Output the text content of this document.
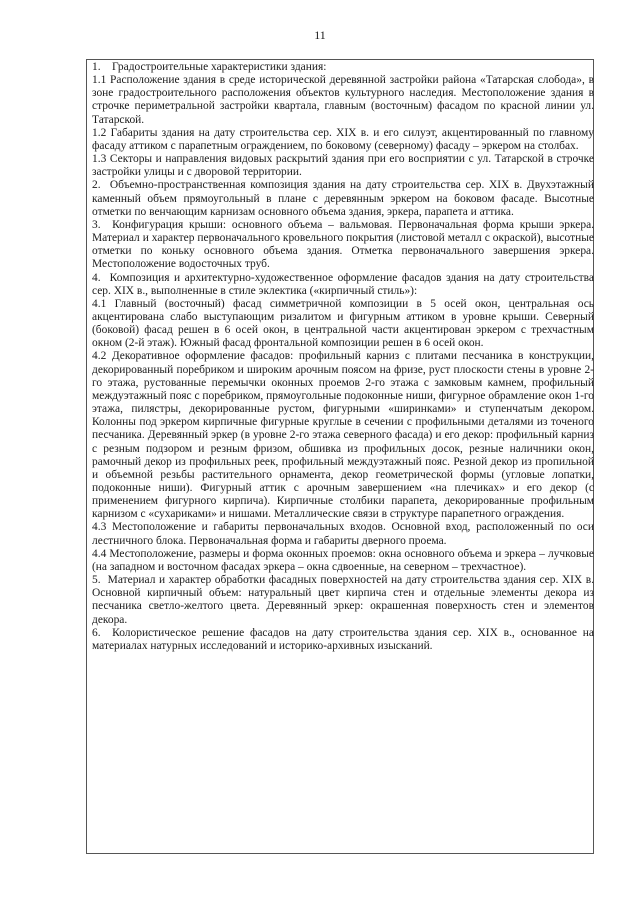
11

1.    Градостроительные характеристики здания:

1.1 Расположение здания в среде исторической деревянной застройки района «Татарская слобода», в зоне градостроительного расположения объектов культурного наследия. Местоположение здания в строчке периметральной застройки квартала, главным (восточным) фасадом по красной линии ул. Татарской.

1.2 Габариты здания на дату строительства сер. XIX в. и его силуэт, акцентированный по главному фасаду аттиком с парапетным ограждением, по боковому (северному) фасаду – эркером на столбах.

1.3 Секторы и направления видовых раскрытий здания при его восприятии с ул. Татарской в строчке застройки улицы и с дворовой территории.

2.  Объемно-пространственная композиция здания на дату строительства сер. XIX в. Двухэтажный каменный объем прямоугольный в плане с деревянным эркером на боковом фасаде. Высотные отметки по венчающим карнизам основного объема здания, эркера, парапета и аттика.

3.  Конфигурация крыши: основного объема – вальмовая. Первоначальная форма крыши эркера. Материал и характер первоначального кровельного покрытия (листовой металл с окраской), высотные отметки по коньку основного объема здания. Отметка первоначального завершения эркера. Местоположение водосточных труб.

4.  Композиция и архитектурно-художественное оформление фасадов здания на дату строительства сер. XIX в., выполненные в стиле эклектика («кирпичный стиль»):

4.1 Главный (восточный) фасад симметричной композиции в 5 осей окон, центральная ось акцентирована слабо выступающим ризалитом и фигурным аттиком в уровне крыши. Северный (боковой) фасад решен в 6 осей окон, в центральной части акцентирован эркером с трехчастным окном (2-й этаж). Южный фасад фронтальной композиции решен в 6 осей окон.

4.2 Декоративное оформление фасадов: профильный карниз с плитами песчаника в конструкции, декорированный поребриком и широким арочным поясом на фризе, руст плоскости стены в уровне 2-го этажа, рустованные перемычки оконных проемов 2-го этажа с замковым камнем, профильный междуэтажный пояс с поребриком, прямоугольные подоконные ниши, фигурное обрамление окон 1-го этажа, пилястры, декорированные рустом, фигурными «ширинками» и ступенчатым декором. Колонны под эркером кирпичные фигурные круглые в сечении с профильными деталями из точеного песчаника. Деревянный эркер (в уровне 2-го этажа северного фасада) и его декор: профильный карниз с резным подзором и резным фризом, обшивка из профильных досок, резные наличники окон, рамочный декор из профильных реек, профильный междуэтажный пояс. Резной декор из пропильной и объемной резьбы растительного орнамента, декор геометрической формы (угловые лопатки, подоконные ниши). Фигурный аттик с арочным завершением «на плечиках» и его декор (с применением фигурного кирпича). Кирпичные столбики парапета, декорированные профильным карнизом с «сухариками» и нишами. Металлические связи в структуре парапетного ограждения.

4.3 Местоположение и габариты первоначальных входов. Основной вход, расположенный по оси лестничного блока. Первоначальная форма и габариты дверного проема.

4.4 Местоположение, размеры и форма оконных проемов: окна основного объема и эркера – лучковые (на западном и восточном фасадах эркера – окна сдвоенные, на северном – трехчастное).

5.  Материал и характер обработки фасадных поверхностей на дату строительства здания сер. XIX в. Основной кирпичный объем: натуральный цвет кирпича стен и отдельные элементы декора из песчаника светло-желтого цвета. Деревянный эркер: окрашенная поверхность стен и элементов декора.

6.  Колористическое решение фасадов на дату строительства здания сер. XIX в., основанное на материалах натурных исследований и историко-архивных изысканий.
